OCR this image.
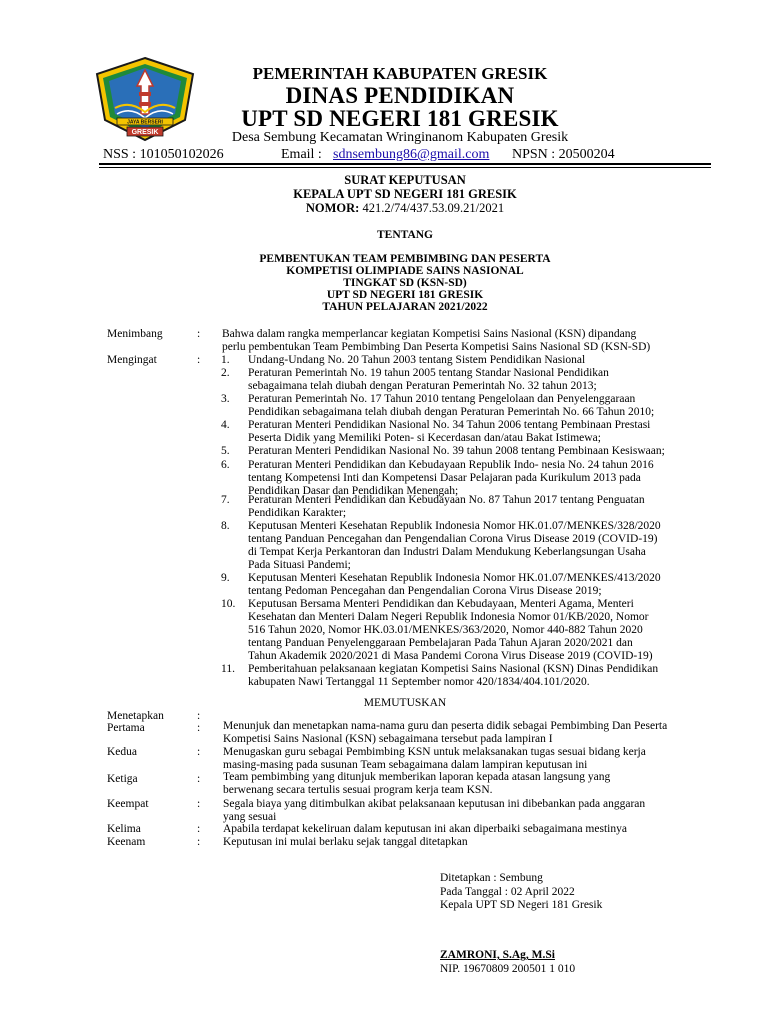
JAYA BERSERI
GRESIK
PEMERINTAH KABUPATEN GRESIK
DINAS PENDIDIKAN
UPT SD NEGERI 181 GRESIK
Desa Sembung Kecamatan Wringinanom Kabupaten Gresik
NSS : 101050102026	Email : sdnsembung86@gmail.com NPSN : 20500204
SURAT KEPUTUSAN
KEPALA UPT SD NEGERI 181 GRESIK
NOMOR: 421.2/74/437.53.09.21/2021
TENTANG
PEMBENTUKAN TEAM PEMBIMBING DAN PESERTA
KOMPETISI OLIMPIADE SAINS NASIONAL
TINGKAT SD (KSN-SD)
UPT SD NEGERI 181 GRESIK
TAHUN PELAJARAN 2021/2022
Menimbang	: Bahwa dalam rangka memperlancar kegiatan Kompetisi Sains Nasional (KSN) dipandang
perlu pembentukan Team Pembimbing Dan Peserta Kompetisi Sains Nasional SD (KSN-SD)
Mengingat	: 1. Undang-Undang No. 20 Tahun 2003 tentang Sistem Pendidikan Nasional
2. Peraturan Pemerintah No. 19 tahun 2005 tentang Standar Nasional Pendidikan
sebagaimana telah diubah dengan Peraturan Pemerintah No. 32 tahun 2013;
3. Peraturan Pemerintah No. 17 Tahun 2010 tentang Pengelolaan dan Penyelenggaraan
Pendidikan sebagaimana telah diubah dengan Peraturan Pemerintah No. 66 Tahun 2010;
4. Peraturan Menteri Pendidikan Nasional No. 34 Tahun 2006 tentang Pembinaan Prestasi
Peserta Didik yang Memiliki Poten- si Kecerdasan dan/atau Bakat Istimewa;
5. Peraturan Menteri Pendidikan Nasional No. 39 tahun 2008 tentang Pembinaan Kesiswaan;
6. Peraturan Menteri Pendidikan dan Kebudayaan Republik Indo- nesia No. 24 tahun 2016
tentang Kompetensi Inti dan Kompetensi Dasar Pelajaran pada Kurikulum 2013 pada
Pendidikan Dasar dan Pendidikan Menengah;
7. Peraturan Menteri Pendidikan dan Kebudayaan No. 87 Tahun 2017 tentang Penguatan
Pendidikan Karakter;
8. Keputusan Menteri Kesehatan Republik Indonesia Nomor HK.01.07/MENKES/328/2020
tentang Panduan Pencegahan dan Pengendalian Corona Virus Disease 2019 (COVID-19)
di Tempat Kerja Perkantoran dan Industri Dalam Mendukung Keberlangsungan Usaha
Pada Situasi Pandemi;
9. Keputusan Menteri Kesehatan Republik Indonesia Nomor HK.01.07/MENKES/413/2020
tentang Pedoman Pencegahan dan Pengendalian Corona Virus Disease 2019;
10. Keputusan Bersama Menteri Pendidikan dan Kebudayaan, Menteri Agama, Menteri
Kesehatan dan Menteri Dalam Negeri Republik Indonesia Nomor 01/KB/2020, Nomor
516 Tahun 2020, Nomor HK.03.01/MENKES/363/2020, Nomor 440-882 Tahun 2020
tentang Panduan Penyelenggaraan Pembelajaran Pada Tahun Ajaran 2020/2021 dan
Tahun Akademik 2020/2021 di Masa Pandemi Corona Virus Disease 2019 (COVID-19)
11. Pemberitahuan pelaksanaan kegiatan Kompetisi Sains Nasional (KSN) Dinas Pendidikan
kabupaten Nawi Tertanggal 11 September nomor 420/1834/404.101/2020.
MEMUTUSKAN
Menetapkan	:
Pertama	: Menunjuk dan menetapkan nama-nama guru dan peserta didik sebagai Pembimbing Dan Peserta
Kompetisi Sains Nasional (KSN) sebagaimana tersebut pada lampiran I
Kedua	: Menugaskan guru sebagai Pembimbing KSN untuk melaksanakan tugas sesuai bidang kerja
masing-masing pada susunan Team sebagaimana dalam lampiran keputusan ini
Ketiga	: Team pembimbing yang ditunjuk memberikan laporan kepada atasan langsung yang
berwenang secara tertulis sesuai program kerja team KSN.
Keempat	: Segala biaya yang ditimbulkan akibat pelaksanaan keputusan ini dibebankan pada anggaran
yang sesuai
Kelima	: Apabila terdapat kekeliruan dalam keputusan ini akan diperbaiki sebagaimana mestinya
Keenam	: Keputusan ini mulai berlaku sejak tanggal ditetapkan
Ditetapkan : Sembung
Pada Tanggal : 02 April 2022
Kepala UPT SD Negeri 181 Gresik
ZAMRONI, S.Ag, M.Si
NIP. 19670809 200501 1 010
